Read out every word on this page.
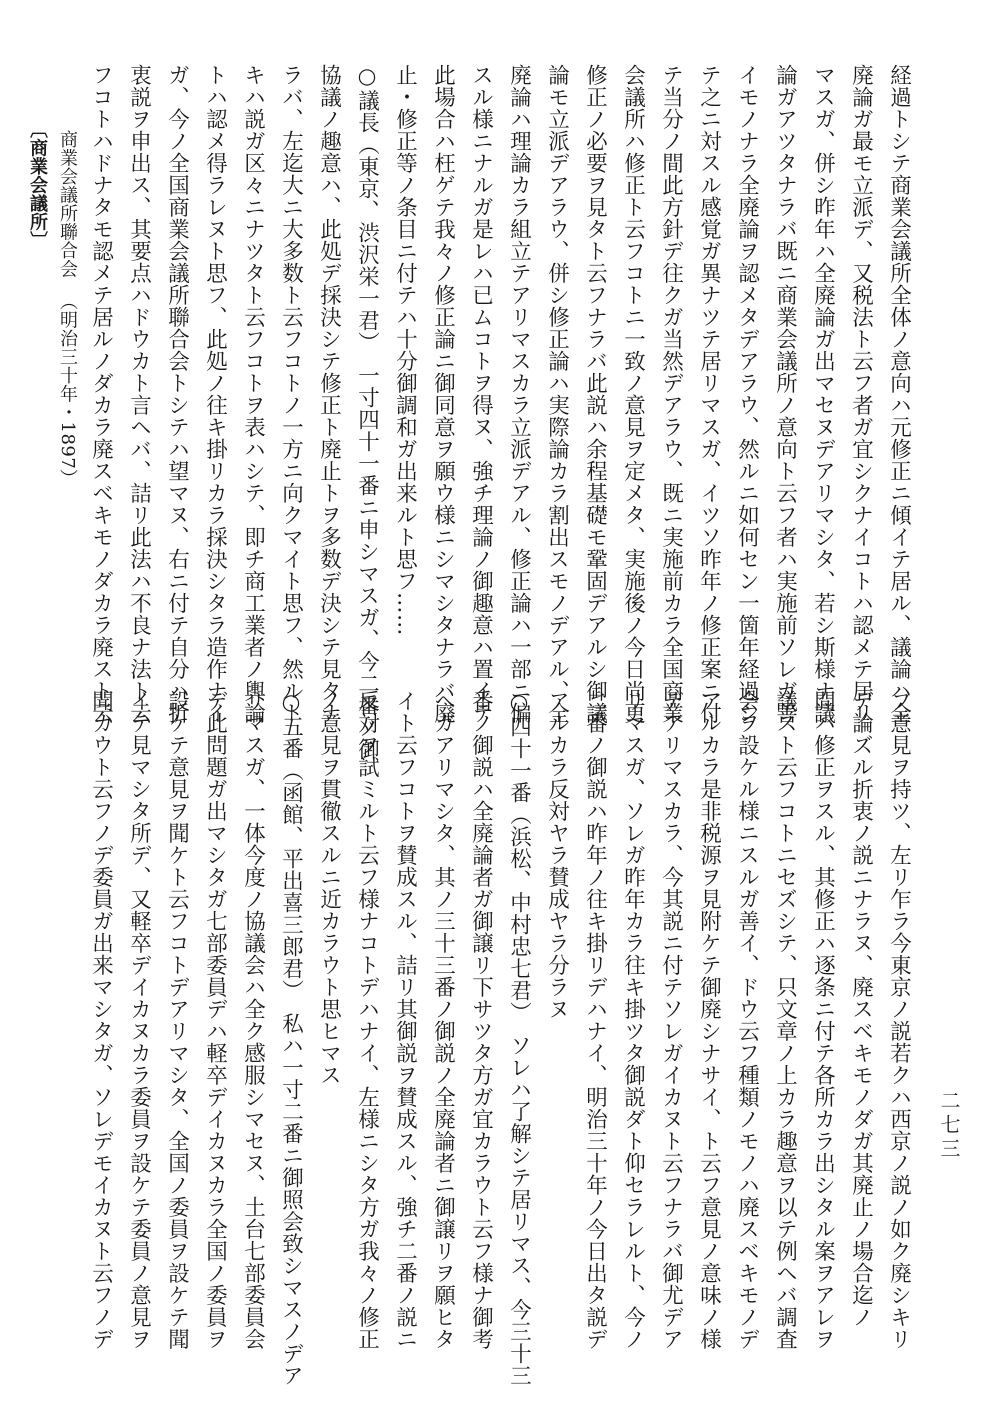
経過トシテ商業会議所全体ノ意向ハ元修正ニ傾イテ居ル、議論ハ全
廃論ガ最モ立派デ、又税法ト云フ者ガ宜シクナイコトハ認メテ居リ
マスガ、併シ昨年ハ全廃論ガ出マセヌデアリマシタ、若シ斯様ナ議
論ガアツタナラバ既ニ商業会議所ノ意向ト云フ者ハ実施前ソレガ善
イモノナラ全廃論ヲ認メタデアラウ、然ルニ如何セン一箇年経過シ
テ之ニ対スル感覚ガ異ナツテ居リマスガ、イツソ昨年ノ修正案ニ付
テ当分ノ間此方針デ往クガ当然デアラウ、既ニ実施前カラ全国商業
会議所ハ修正ト云フコトニ一致ノ意見ヲ定メタ、実施後ノ今日尚更
修正ノ必要ヲ見タト云フナラバ此説ハ余程基礎モ鞏固デアルシ御議
論モ立派デアラウ、併シ修正論ハ実際論カラ割出スモノデアル、全
廃論ハ理論カラ組立テアリマスカラ立派デアル、修正論ハ一部ニ偏
スル様ニナルガ是レハ已ムコトヲ得ヌ、強チ理論ノ御趣意ハ置イテ
此場合ハ枉ゲテ我々ノ修正論ニ御同意ヲ願ウ様ニシマシタナラバ廃
止・修正等ノ条目ニ付テハ十分御調和ガ出来ルト思フ……
○議長（東京、渋沢栄一君）　一寸四十一番ニ申シマスガ、今二番ノ御
協議ノ趣意ハ、此処デ採決シテ修正ト廃止トヲ多数デ決シテ見タナ
ラバ、左迄大ニ大多数ト云フコトノ一方ニ向クマイト思フ、然ルト
キハ説ガ区々ニナツタト云フコトヲ表ハシテ、即チ商工業者ノ輿論
トハ認メ得ラレヌト思フ、此処ノ往キ掛リカラ採決シタラ造作ナイ
ガ、今ノ全国商業会議所聯合会トシテハ望マヌ、右ニ付テ自分ハ折
衷説ヲ申出ス、其要点ハドウカト言ヘバ、詰リ此法ハ不良ナ法ト云
フコトハドナタモ認メテ居ルノダカラ廃スベキモノダカラ廃スト云
フ意見ヲ持ツ、左リ乍ラ今東京ノ説若クハ西京ノ説ノ如ク廃シキリ
デ論ズル折衷ノ説ニナラヌ、廃スベキモノダガ其廃止ノ場合迄ノ
間ハ修正ヲスル、其修正ハ逐条ニ付テ各所カラ出シタル案ヲアレヲ
議スト云フコトニセズシテ、只文章ノ上カラ趣意ヲ以テ例ヘバ調査
会ヲ設ケル様ニスルガ善イ、ドウ云フ種類ノモノハ廃スベキモノデ
アルカラ是非税源ヲ見附ケテ御廃シナサイ、ト云フ意見ノ意味ノ様
デアリマスカラ、今其説ニ付テソレガイカヌト云フナラバ御尤デア
リマスガ、ソレガ昨年カラ往キ掛ツタ御説ダト仰セラレルト、今ノ
二番ノ御説ハ昨年ノ往キ掛リデハナイ、明治三十年ノ今日出タ説デ
アルカラ反対ヤラ賛成ヤラ分ラヌ
○四十一番（浜松、中村忠七君）　ソレハ了解シテ居リマス、今三十三
番ノ御説ハ全廃論者ガ御譲リ下サツタ方ガ宜カラウト云フ様ナ御考
ヘガアリマシタ、其ノ三十三番ノ御説ノ全廃論者ニ御譲リヲ願ヒタ
イト云フコトヲ賛成スル、詰リ其御説ヲ賛成スル、強チ二番ノ説ニ
反対ヲ試ミルト云フ様ナコトデハナイ、左様ニシタ方ガ我々ノ修正
ノ意見ヲ貫徹スルニ近カラウト思ヒマス
○五番（函館、平出喜三郎君）　私ハ一寸二番ニ御照会致シマスノデア
リマスガ、一体今度ノ協議会ハ全ク感服シマセヌ、土台七部委員会
デ此問題ガ出マシタガ七部委員デハ軽卒デイカヌカラ全国ノ委員ヲ
設ケテ意見ヲ聞ケト云フコトデアリマシタ、全国ノ委員ヲ設ケテ聞
イテ見マシタ所デ、又軽卒デイカヌカラ委員ヲ設ケテ委員ノ意見ヲ
聞カウト云フノデ委員ガ出来マシタガ、ソレデモイカヌト云フノデ
〔商業会議所〕 商業会議所聯合会（明治三十年・1897）
二七三
